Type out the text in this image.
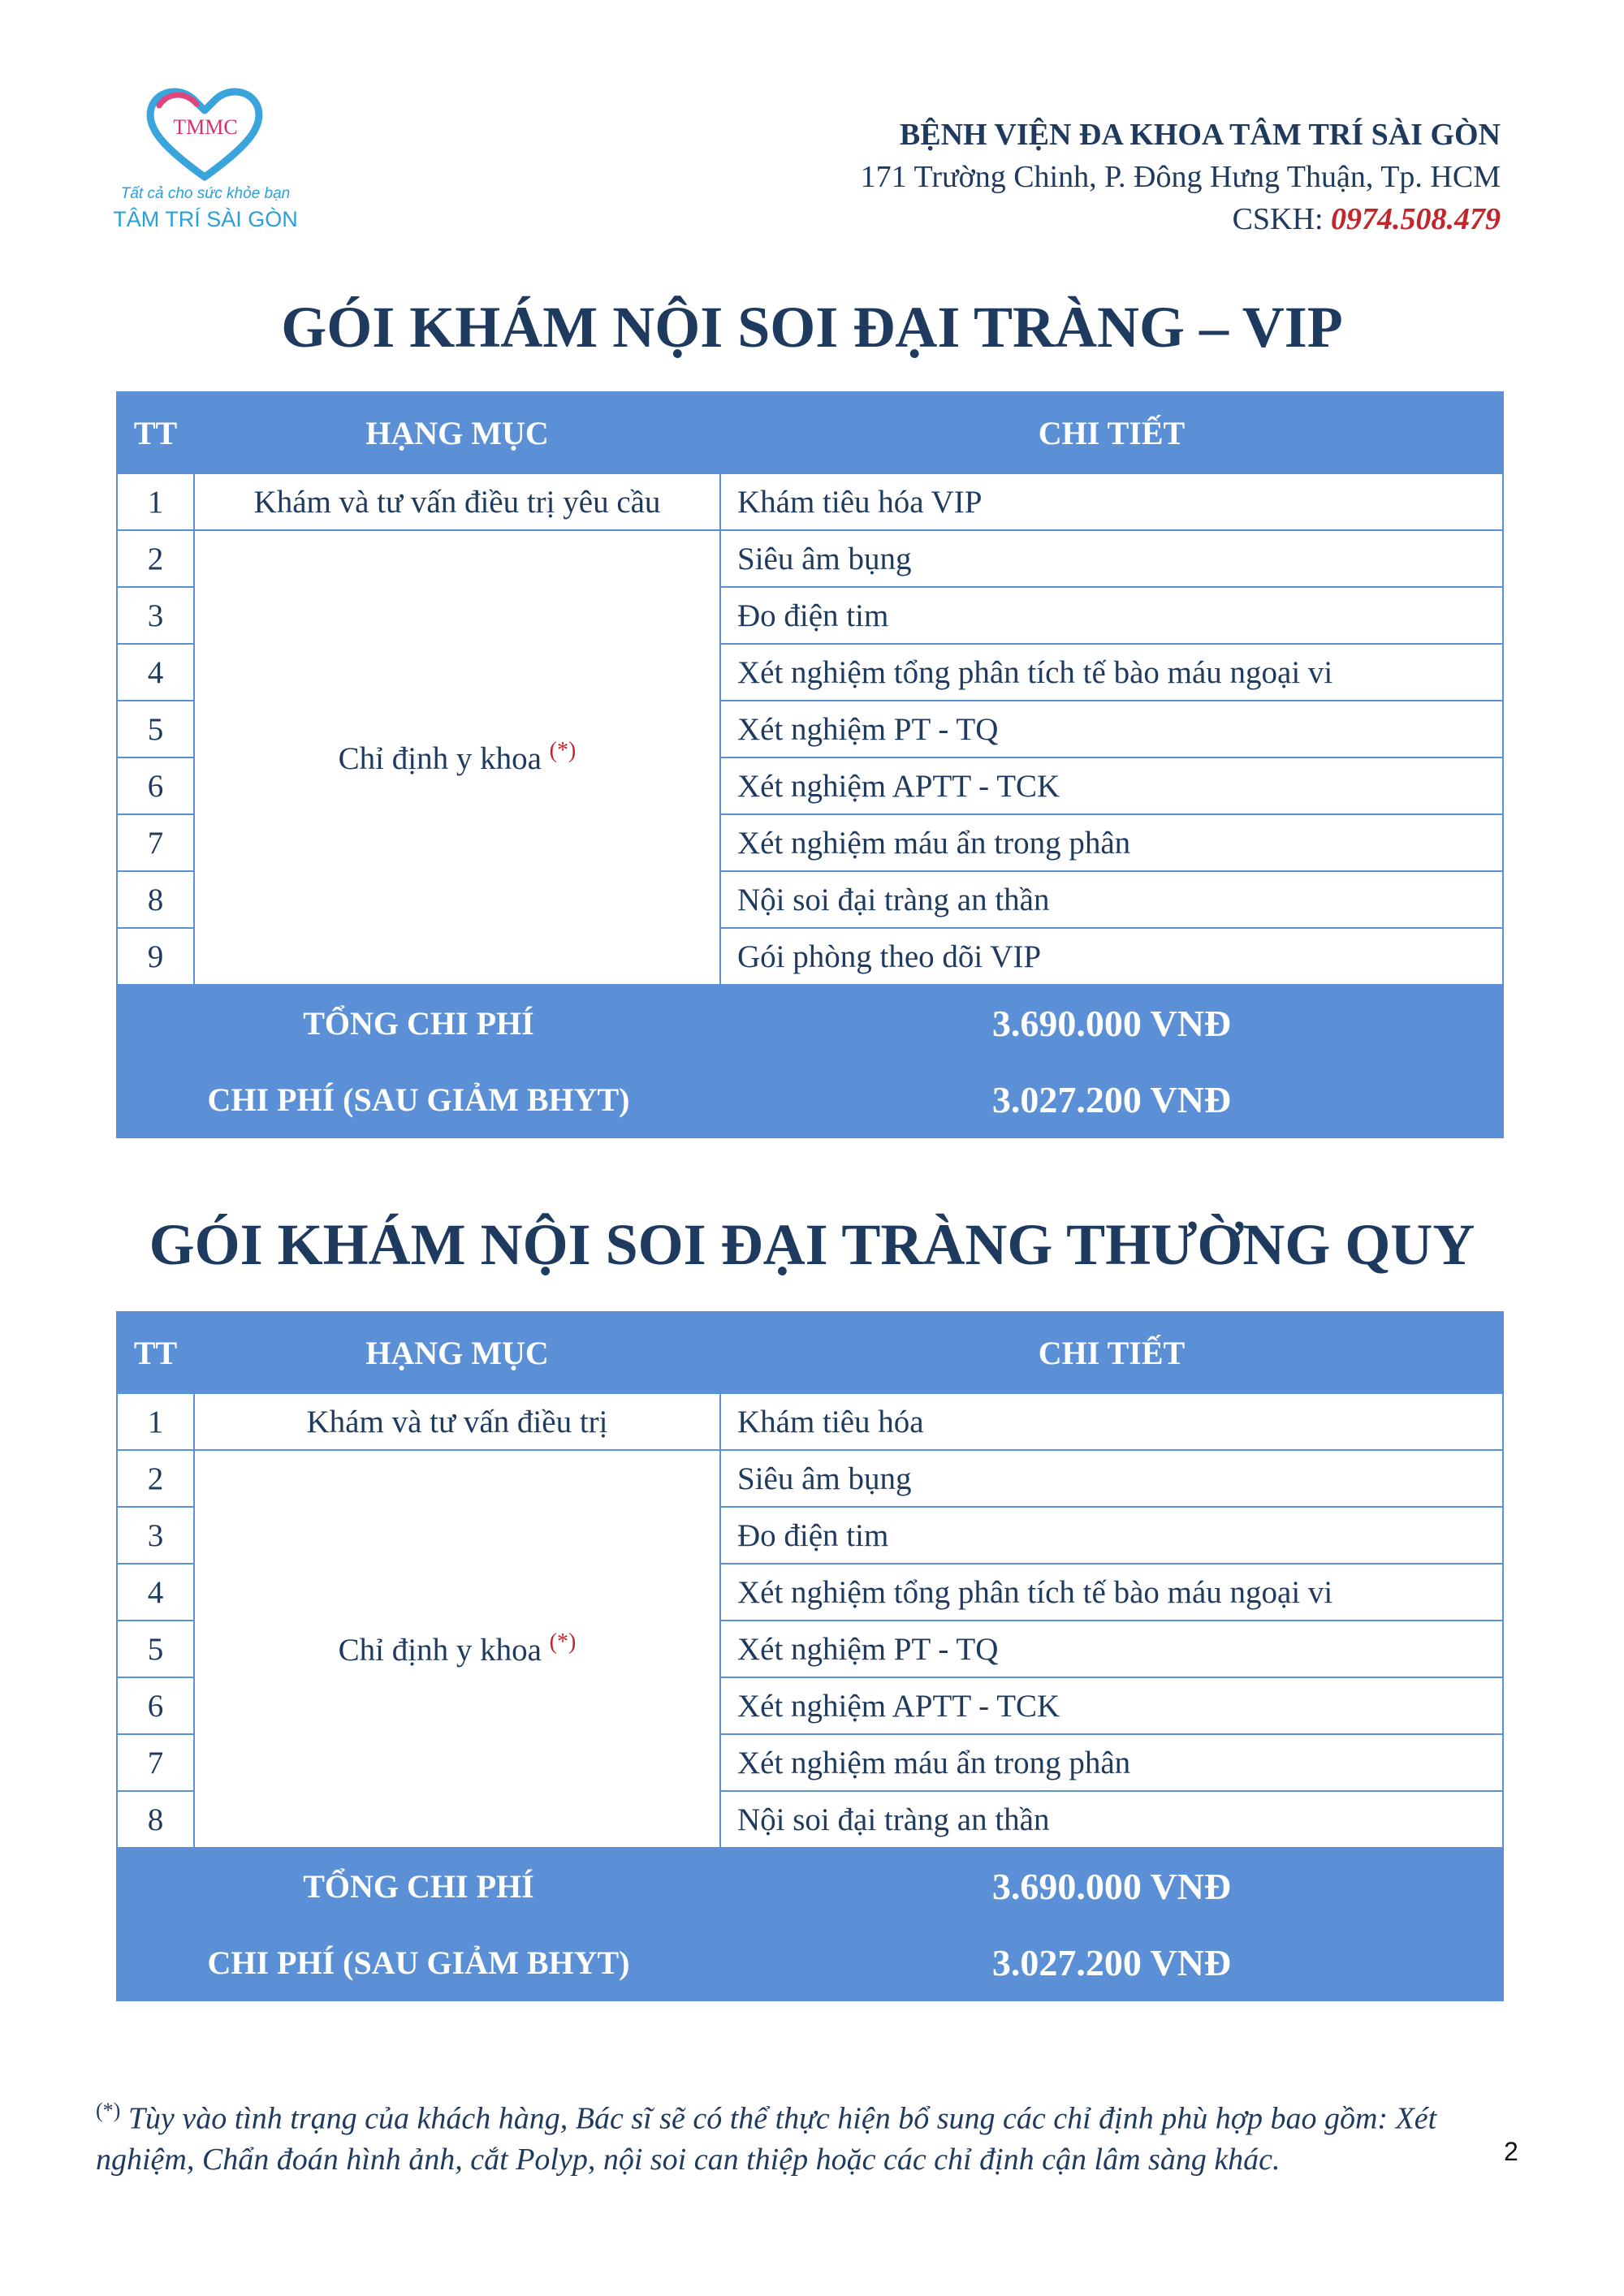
TMMC
Tất cả cho sức khỏe bạn
TÂM TRÍ SÀI GÒN
BỆNH VIỆN ĐA KHOA TÂM TRÍ SÀI GÒN
171 Trường Chinh, P. Đông Hưng Thuận, Tp. HCM
CSKH: 0974.508.479
GÓI KHÁM NỘI SOI ĐẠI TRÀNG – VIP
TT	HẠNG MỤC	CHI TIẾT
1	Khám và tư vấn điều trị yêu cầu	Khám tiêu hóa VIP
2	Chỉ định y khoa (*)	Siêu âm bụng
3		Đo điện tim
4		Xét nghiệm tổng phân tích tế bào máu ngoại vi
5		Xét nghiệm PT - TQ
6		Xét nghiệm APTT - TCK
7		Xét nghiệm máu ẩn trong phân
8		Nội soi đại tràng an thần
9		Gói phòng theo dõi VIP
TỔNG CHI PHÍ		3.690.000 VNĐ
CHI PHÍ (SAU GIẢM BHYT)		3.027.200 VNĐ
GÓI KHÁM NỘI SOI ĐẠI TRÀNG THƯỜNG QUY
TT	HẠNG MỤC	CHI TIẾT
1	Khám và tư vấn điều trị	Khám tiêu hóa
2	Chỉ định y khoa (*)	Siêu âm bụng
3		Đo điện tim
4		Xét nghiệm tổng phân tích tế bào máu ngoại vi
5		Xét nghiệm PT - TQ
6		Xét nghiệm APTT - TCK
7		Xét nghiệm máu ẩn trong phân
8		Nội soi đại tràng an thần
TỔNG CHI PHÍ		3.690.000 VNĐ
CHI PHÍ (SAU GIẢM BHYT)		3.027.200 VNĐ
(*) Tùy vào tình trạng của khách hàng, Bác sĩ sẽ có thể thực hiện bổ sung các chỉ định phù hợp bao gồm: Xét nghiệm, Chẩn đoán hình ảnh, cắt Polyp, nội soi can thiệp hoặc các chỉ định cận lâm sàng khác.	2
